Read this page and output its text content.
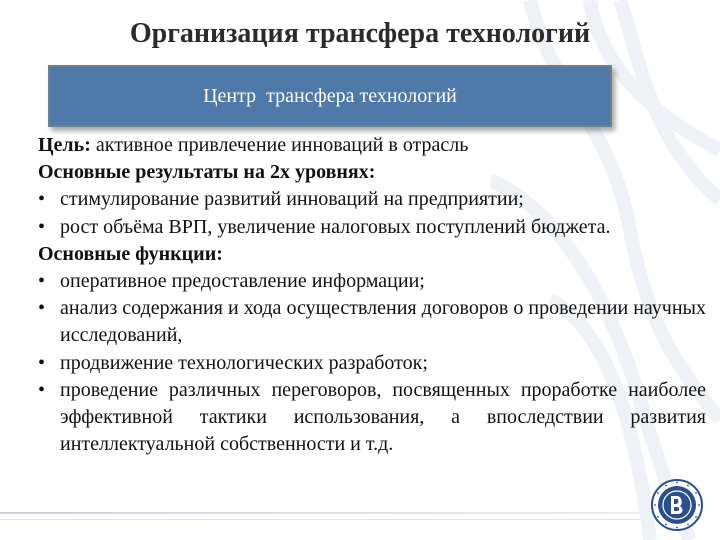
Организация трансфера технологий
Центр  трансфера технологий

Цель: активное привлечение инноваций в отрасль

Основные результаты на 2х уровнях:

• стимулирование развитий инноваций на предприятии;

• рост объёма ВРП, увеличение налоговых поступлений бюджета.

Основные функции:

• оперативное предоставление информации;

• анализ содержания и хода осуществления договоров о проведении научных исследований,

• продвижение технологических разработок;

• проведение различных переговоров, посвященных проработке наиболее эффективной тактики использования, а впоследствии развития интеллектуальной собственности и т.д.
